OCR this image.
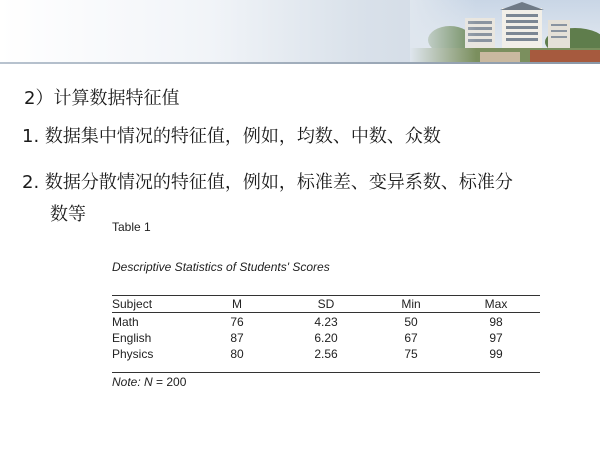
2）计算数据特征值
1. 数据集中情况的特征值，例如，均数、中数、众数
2. 数据分散情况的特征值，例如，标准差、变异系数、标准分
数等
Table 1
Descriptive Statistics of Students' Scores
Subject	M	SD	Min	Max
Math	76	4.23	50	98
English	87	6.20	67	97
Physics	80	2.56	75	99
Note: N = 200
